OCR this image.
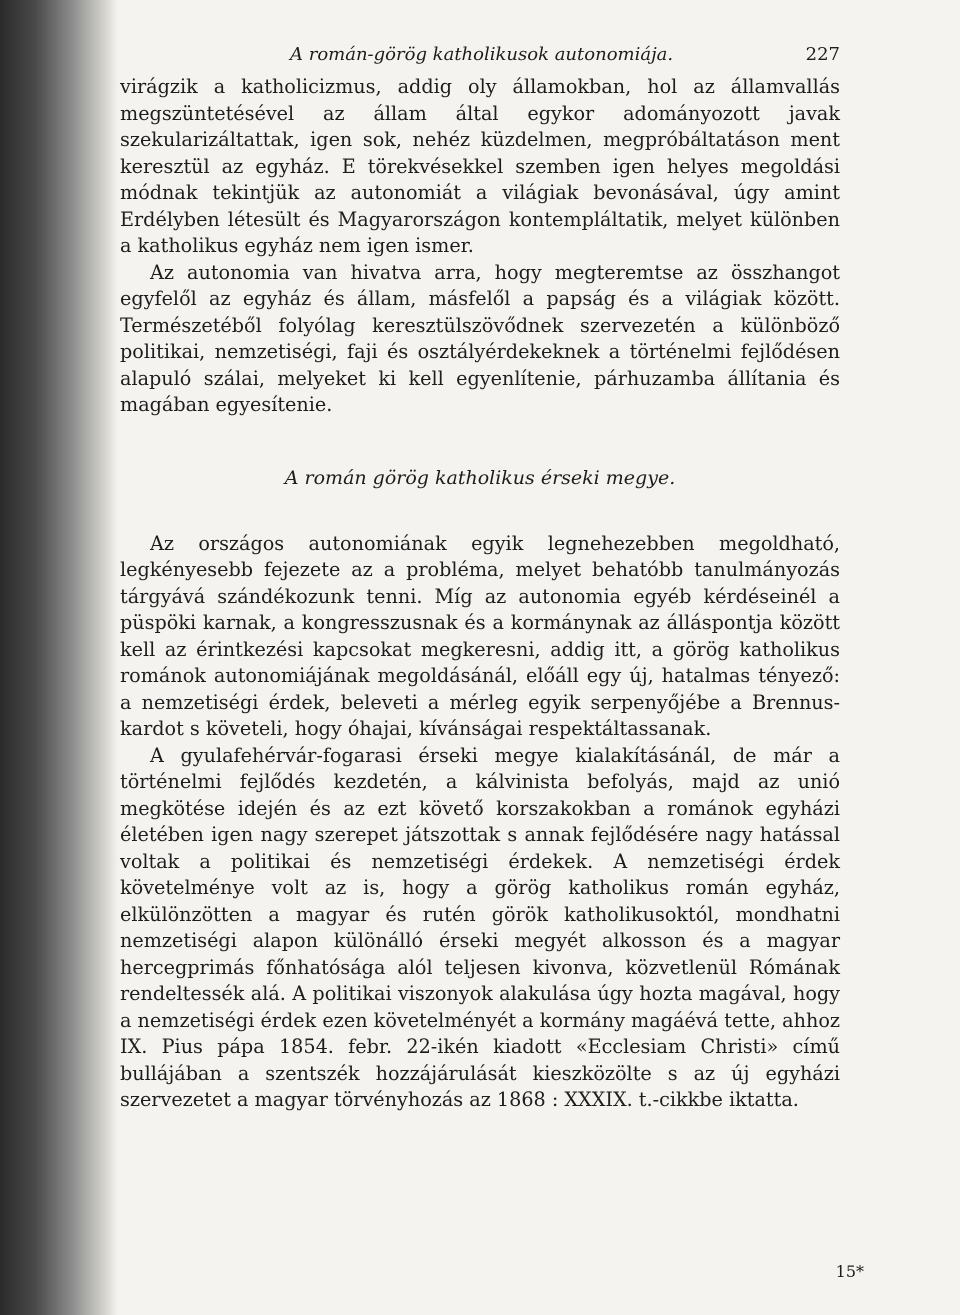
A román-görög katholikusok autonomiája.	227

virágzik a katholicizmus, addig oly államokban, hol az államvallás megszüntetésével az állam által egykor adományozott javak szekularizáltattak, igen sok, nehéz küzdelmen, megpróbáltatáson ment keresztül az egyház. E törekvésekkel szemben igen helyes megoldási módnak tekintjük az autonomiát a világiak bevonásával, úgy amint Erdélyben létesült és Magyarországon kontempláltatik, melyet különben a katholikus egyház nem igen ismer.

Az autonomia van hivatva arra, hogy megteremtse az összhangot egyfelől az egyház és állam, másfelől a papság és a világiak között. Természetéből folyólag keresztülszövődnek szervezetén a különböző politikai, nemzetiségi, faji és osztályérdekeknek a történelmi fejlődésen alapuló szálai, melyeket ki kell egyenlítenie, párhuzamba állítania és magában egyesítenie.

A román görög katholikus érseki megye.

Az országos autonomiának egyik legnehezebben megoldható, legkényesebb fejezete az a probléma, melyet behatóbb tanulmányozás tárgyává szándékozunk tenni. Míg az autonomia egyéb kérdéseinél a püspöki karnak, a kongresszusnak és a kormánynak az álláspontja között kell az érintkezési kapcsokat megkeresni, addig itt, a görög katholikus románok autonomiájának megoldásánál, előáll egy új, hatalmas tényező: a nemzetiségi érdek, beleveti a mérleg egyik serpenyőjébe a Brennus-kardot s követeli, hogy óhajai, kívánságai respektáltassanak.

A gyulafehérvár-fogarasi érseki megye kialakításánál, de már a történelmi fejlődés kezdetén, a kálvinista befolyás, majd az unió megkötése idején és az ezt követő korszakokban a románok egyházi életében igen nagy szerepet játszottak s annak fejlődésére nagy hatással voltak a politikai és nemzetiségi érdekek. A nemzetiségi érdek követelménye volt az is, hogy a görög katholikus román egyház, elkülönzötten a magyar és rutén görök katholikusoktól, mondhatni nemzetiségi alapon különálló érseki megyét alkosson és a magyar hercegprimás főnhatósága alól teljesen kivonva, közvetlenül Rómának rendeltessék alá. A politikai viszonyok alakulása úgy hozta magával, hogy a nemzetiségi érdek ezen követelményét a kormány magáévá tette, ahhoz IX. Pius pápa 1854. febr. 22-ikén kiadott «Ecclesiam Christi» című bullájában a szentszék hozzájárulását kieszközölte s az új egyházi szervezetet a magyar törvényhozás az 1868 : XXXIX. t.-cikkbe iktatta.

15*
